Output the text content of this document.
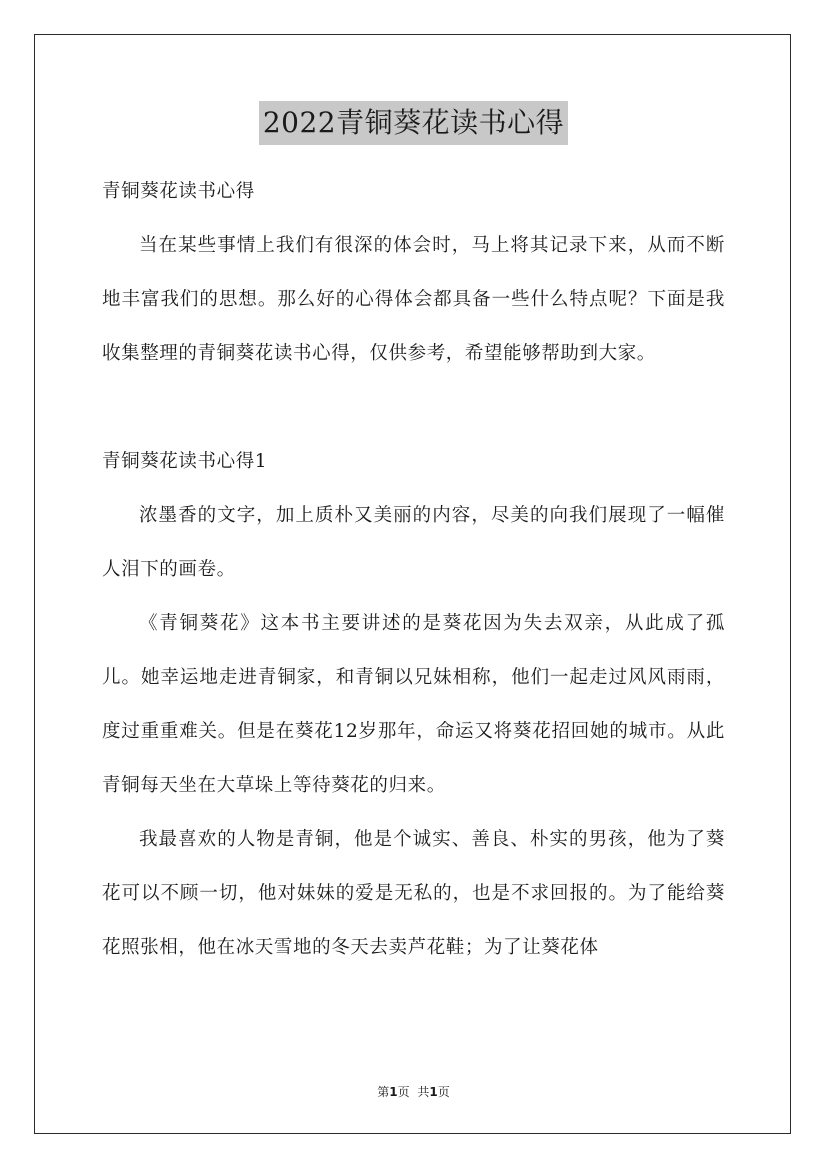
2022青铜葵花读书心得

青铜葵花读书心得

当在某些事情上我们有很深的体会时，马上将其记录下来，从而不断地丰富我们的思想。那么好的心得体会都具备一些什么特点呢？下面是我收集整理的青铜葵花读书心得，仅供参考，希望能够帮助到大家。

青铜葵花读书心得1

浓墨香的文字，加上质朴又美丽的内容，尽美的向我们展现了一幅催人泪下的画卷。

《青铜葵花》这本书主要讲述的是葵花因为失去双亲，从此成了孤儿。她幸运地走进青铜家，和青铜以兄妹相称，他们一起走过风风雨雨，度过重重难关。但是在葵花12岁那年，命运又将葵花招回她的城市。从此青铜每天坐在大草垛上等待葵花的归来。

我最喜欢的人物是青铜，他是个诚实、善良、朴实的男孩，他为了葵花可以不顾一切，他对妹妹的爱是无私的，也是不求回报的。为了能给葵花照张相，他在冰天雪地的冬天去卖芦花鞋；为了让葵花体

第1页 共1页
